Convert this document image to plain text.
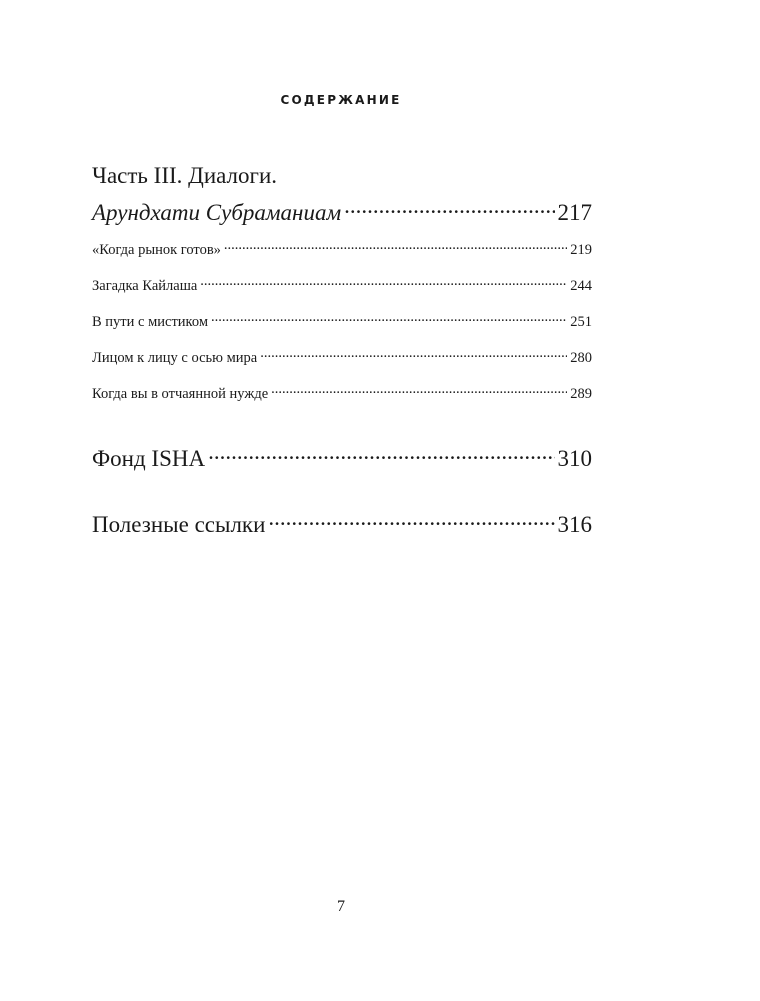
СОДЕРЖАНИЕ
Часть III. Диалоги.
Арундхати Субраманиам .....	217
«Когда рынок готов» .....	219
Загадка Кайлаша .....	244
В пути с мистиком .....	251
Лицом к лицу с осью мира .....	280
Когда вы в отчаянной нужде .....	289
Фонд ISHA .....	310
Полезные ссылки .....	316
7
